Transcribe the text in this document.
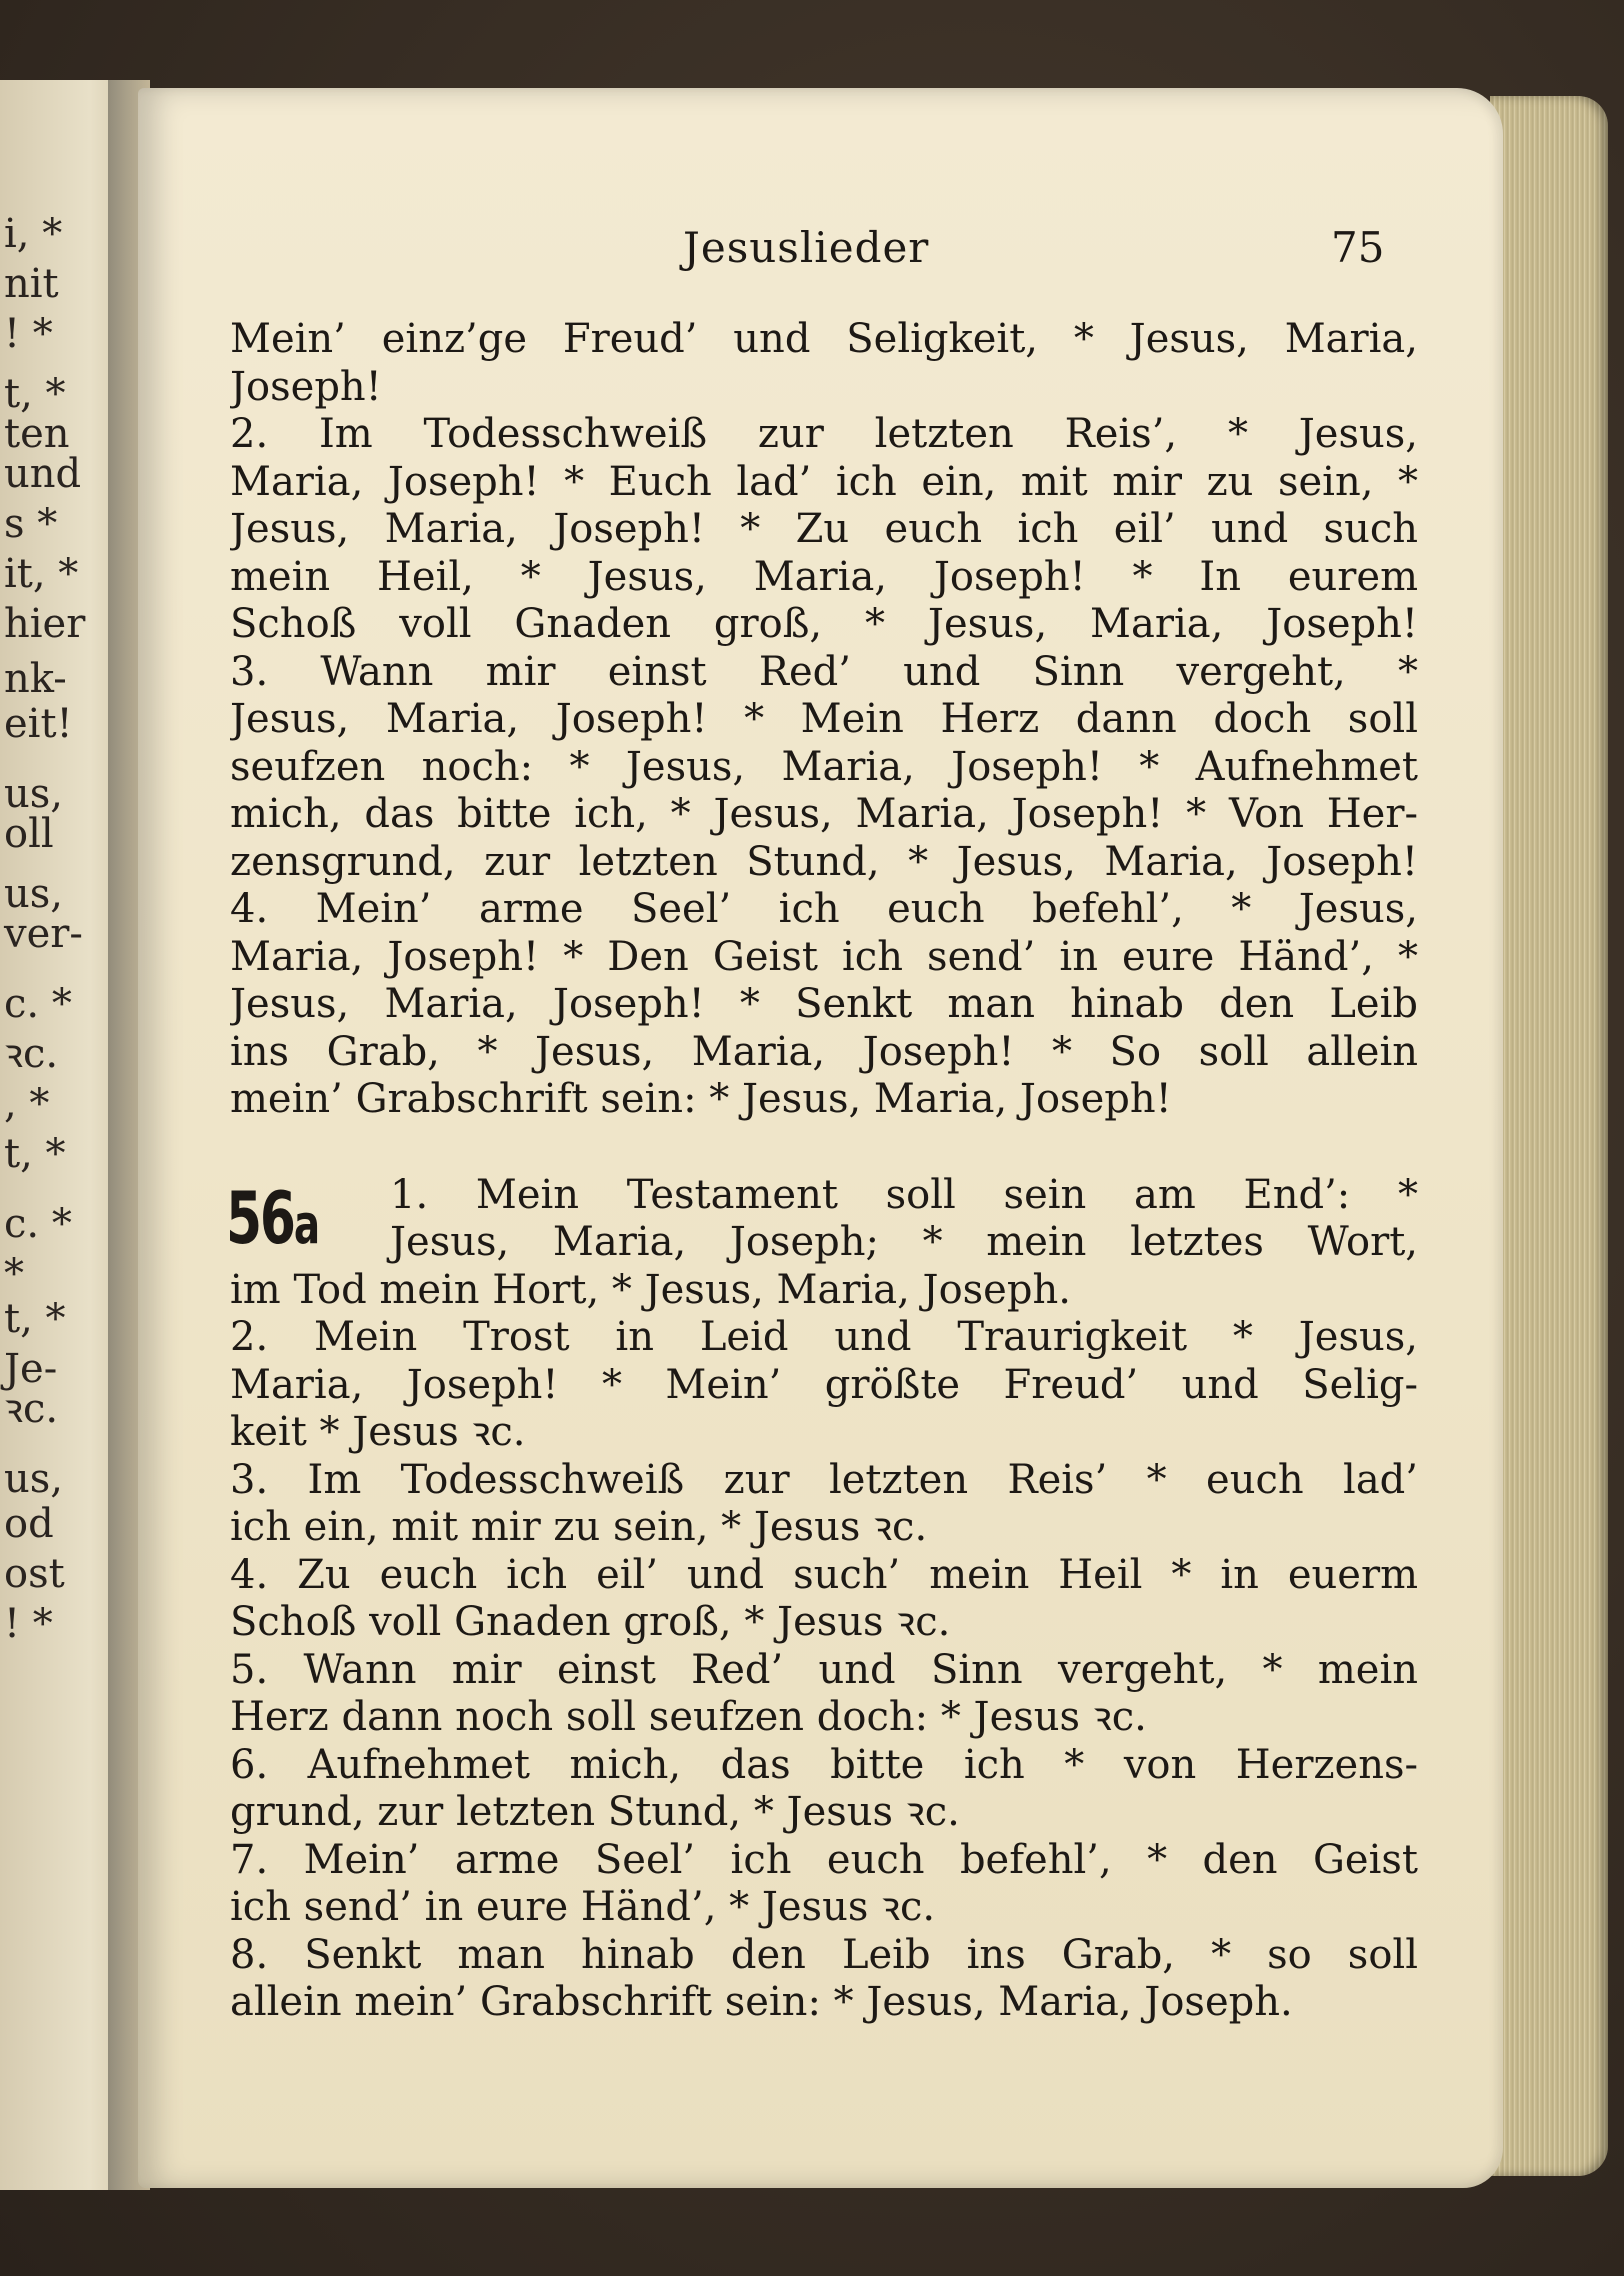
i, *
nit
! *
t, *
ten
und
s *
it, *
hier
nk-
eit!
us,
oll
us,
ver-
c. *
ꝛc.
, *
t, *
c. *
*
t, *
Je-
ꝛc.
us,
od
ost
! *
Jesuslieder	75
Mein’ einz’ge Freud’ und Seligkeit, * Jesus, Maria,
Joseph!
2. Im Todesschweiß zur letzten Reis’, * Jesus,
Maria, Joseph! * Euch lad’ ich ein, mit mir zu sein, *
Jesus, Maria, Joseph! * Zu euch ich eil’ und such
mein Heil, * Jesus, Maria, Joseph! * In eurem
Schoß voll Gnaden groß, * Jesus, Maria, Joseph!
3. Wann mir einst Red’ und Sinn vergeht, *
Jesus, Maria, Joseph! * Mein Herz dann doch soll
seufzen noch: * Jesus, Maria, Joseph! * Aufnehmet
mich, das bitte ich, * Jesus, Maria, Joseph! * Von Her-
zensgrund, zur letzten Stund, * Jesus, Maria, Joseph!
4. Mein’ arme Seel’ ich euch befehl’, * Jesus,
Maria, Joseph! * Den Geist ich send’ in eure Händ’, *
Jesus, Maria, Joseph! * Senkt man hinab den Leib
ins Grab, * Jesus, Maria, Joseph! * So soll allein
mein’ Grabschrift sein: * Jesus, Maria, Joseph!
56a	1. Mein Testament soll sein am End’: *
Jesus, Maria, Joseph; * mein letztes Wort,
im Tod mein Hort, * Jesus, Maria, Joseph.
2. Mein Trost in Leid und Traurigkeit * Jesus,
Maria, Joseph! * Mein’ größte Freud’ und Selig-
keit * Jesus ꝛc.
3. Im Todesschweiß zur letzten Reis’ * euch lad’
ich ein, mit mir zu sein, * Jesus ꝛc.
4. Zu euch ich eil’ und such’ mein Heil * in euerm
Schoß voll Gnaden groß, * Jesus ꝛc.
5. Wann mir einst Red’ und Sinn vergeht, * mein
Herz dann noch soll seufzen doch: * Jesus ꝛc.
6. Aufnehmet mich, das bitte ich * von Herzens-
grund, zur letzten Stund, * Jesus ꝛc.
7. Mein’ arme Seel’ ich euch befehl’, * den Geist
ich send’ in eure Händ’, * Jesus ꝛc.
8. Senkt man hinab den Leib ins Grab, * so soll
allein mein’ Grabschrift sein: * Jesus, Maria, Joseph.
